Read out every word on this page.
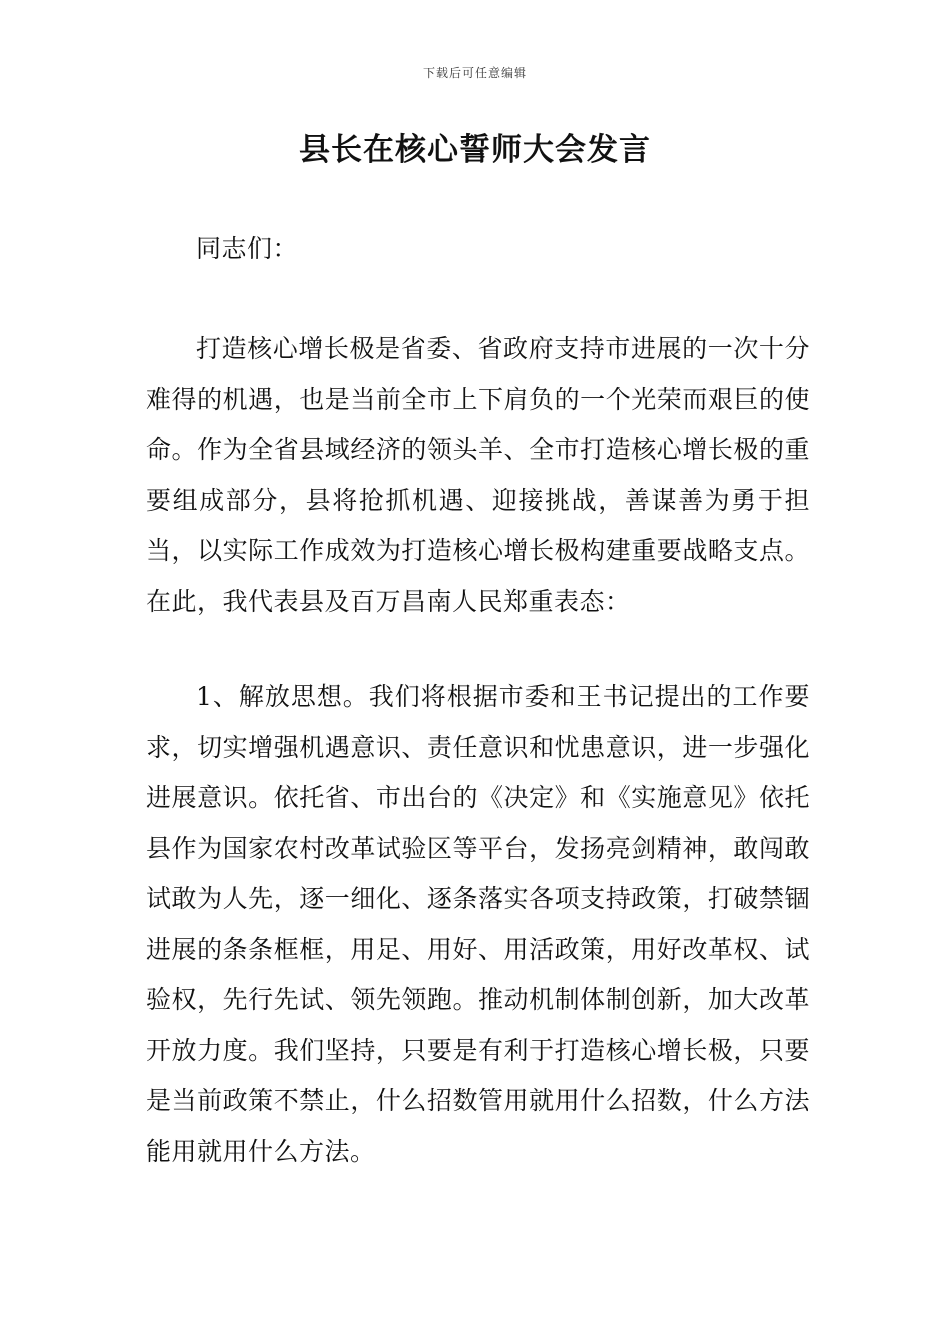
下载后可任意编辑
县长在核心誓师大会发言

同志们：

打造核心增长极是省委、省政府支持市进展的一次十分难得的机遇，也是当前全市上下肩负的一个光荣而艰巨的使命。作为全省县域经济的领头羊、全市打造核心增长极的重要组成部分，县将抢抓机遇、迎接挑战，善谋善为勇于担当，以实际工作成效为打造核心增长极构建重要战略支点。在此，我代表县及百万昌南人民郑重表态：

1、解放思想。我们将根据市委和王书记提出的工作要求，切实增强机遇意识、责任意识和忧患意识，进一步强化进展意识。依托省、市出台的《决定》和《实施意见》依托县作为国家农村改革试验区等平台，发扬亮剑精神，敢闯敢试敢为人先，逐一细化、逐条落实各项支持政策，打破禁锢进展的条条框框，用足、用好、用活政策，用好改革权、试验权，先行先试、领先领跑。推动机制体制创新，加大改革开放力度。我们坚持，只要是有利于打造核心增长极，只要是当前政策不禁止，什么招数管用就用什么招数，什么方法能用就用什么方法。
